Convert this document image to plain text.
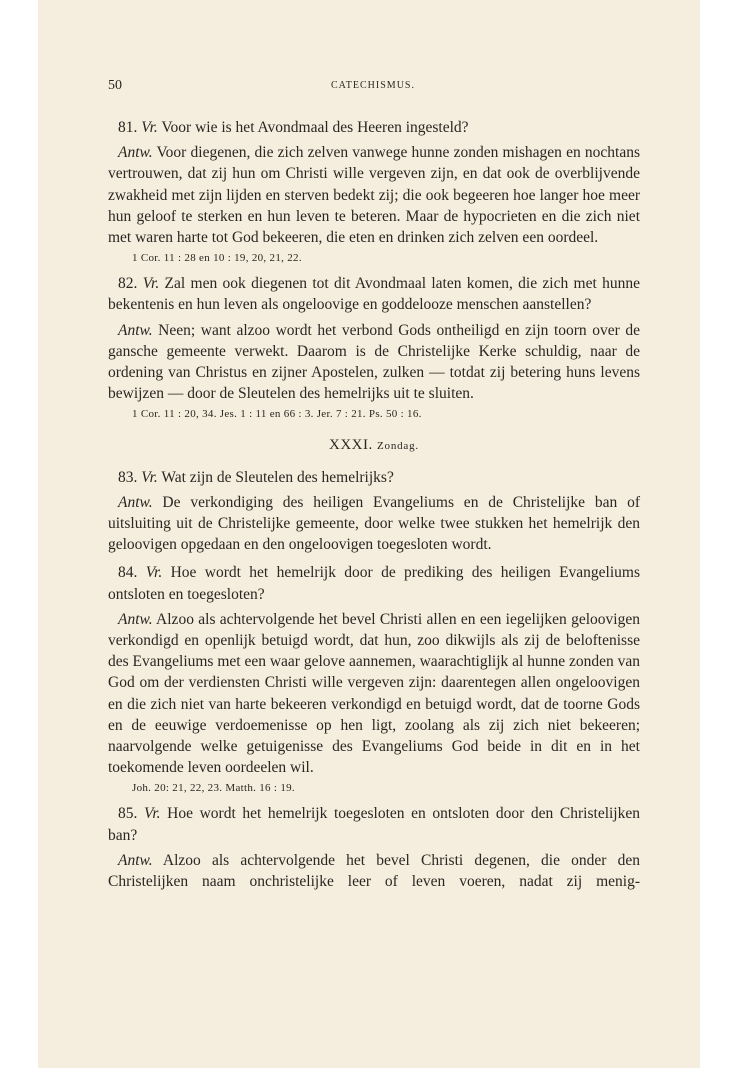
50	CATECHISMUS.

81. Vr. Voor wie is het Avondmaal des Heeren ingesteld?

Antw. Voor diegenen, die zich zelven vanwege hunne zonden mishagen en nochtans vertrouwen, dat zij hun om Christi wille vergeven zijn, en dat ook de overblijvende zwakheid met zijn lijden en sterven bedekt zij; die ook begeeren hoe langer hoe meer hun geloof te sterken en hun leven te beteren. Maar de hypocrieten en die zich niet met waren harte tot God bekeeren, die eten en drinken zich zelven een oordeel.

1 Cor. 11 : 28 en 10 : 19, 20, 21, 22.

82. Vr. Zal men ook diegenen tot dit Avondmaal laten komen, die zich met hunne bekentenis en hun leven als ongeloovige en goddelooze menschen aanstellen?

Antw. Neen; want alzoo wordt het verbond Gods ontheiligd en zijn toorn over de gansche gemeente verwekt. Daarom is de Christelijke Kerke schuldig, naar de ordening van Christus en zijner Apostelen, zulken — totdat zij betering huns levens bewijzen — door de Sleutelen des hemelrijks uit te sluiten.

1 Cor. 11 : 20, 34. Jes. 1 : 11 en 66 : 3. Jer. 7 : 21. Ps. 50 : 16.

XXXI. Zondag.

83. Vr. Wat zijn de Sleutelen des hemelrijks?

Antw. De verkondiging des heiligen Evangeliums en de Christelijke ban of uitsluiting uit de Christelijke gemeente, door welke twee stukken het hemelrijk den geloovigen opgedaan en den ongeloovigen toegesloten wordt.

84. Vr. Hoe wordt het hemelrijk door de prediking des heiligen Evangeliums ontsloten en toegesloten?

Antw. Alzoo als achtervolgende het bevel Christi allen en een iegelijken geloovigen verkondigd en openlijk betuigd wordt, dat hun, zoo dikwijls als zij de beloftenisse des Evangeliums met een waar gelove aannemen, waarachtiglijk al hunne zonden van God om der verdiensten Christi wille vergeven zijn: daarentegen allen ongeloovigen en die zich niet van harte bekeeren verkondigd en betuigd wordt, dat de toorne Gods en de eeuwige verdoemenisse op hen ligt, zoolang als zij zich niet bekeeren; naarvolgende welke getuigenisse des Evangeliums God beide in dit en in het toekomende leven oordeelen wil.

Joh. 20: 21, 22, 23. Matth. 16 : 19.

85. Vr. Hoe wordt het hemelrijk toegesloten en ontsloten door den Christelijken ban?

Antw. Alzoo als achtervolgende het bevel Christi degenen, die onder den Christelijken naam onchristelijke leer of leven voeren, nadat zij menig-
